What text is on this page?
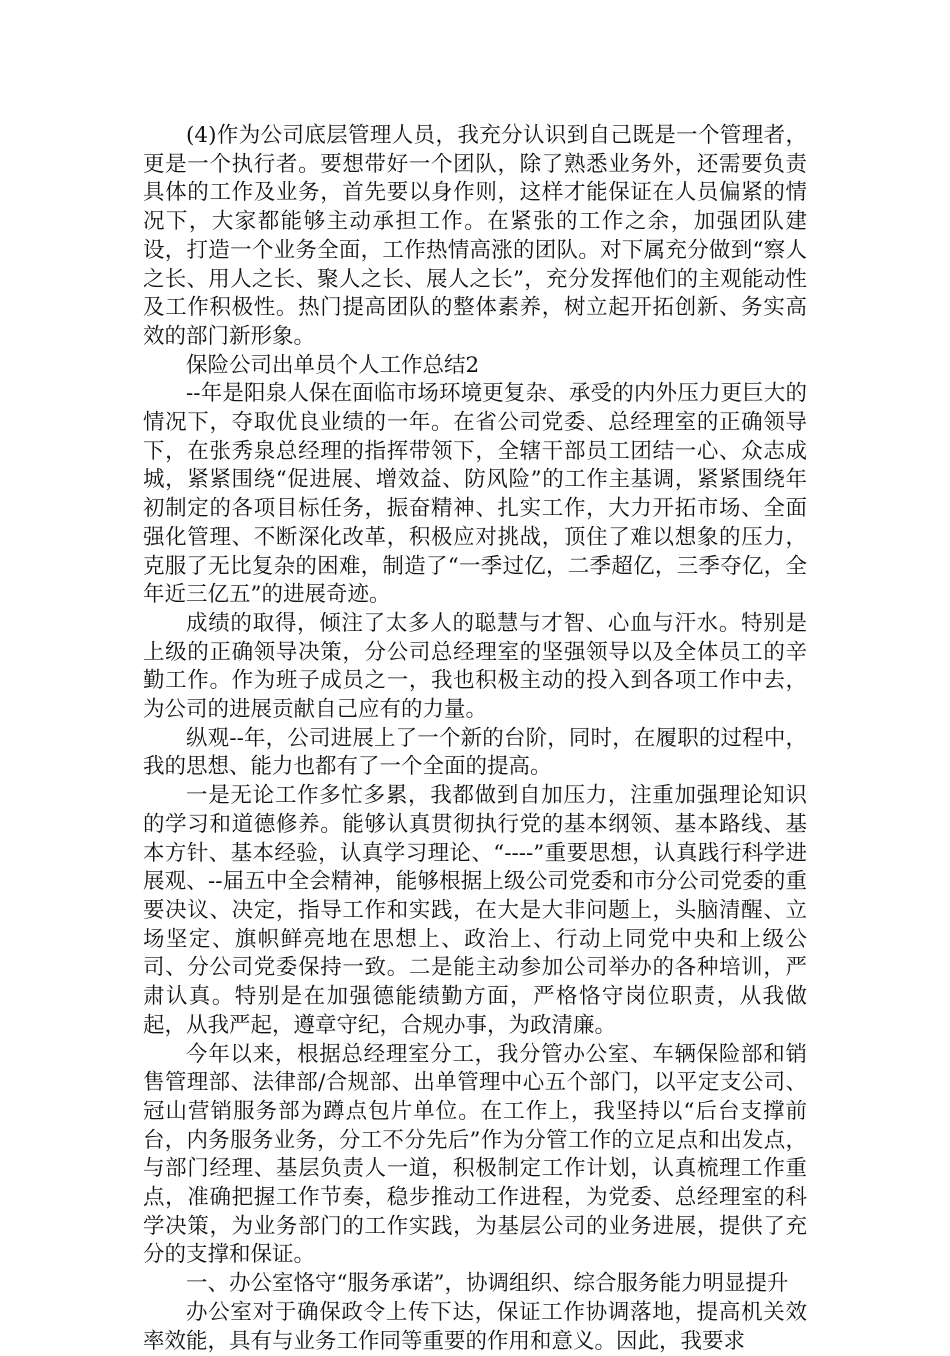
(4)作为公司底层管理人员，我充分认识到自己既是一个管理者，更是一个执行者。要想带好一个团队，除了熟悉业务外，还需要负责具体的工作及业务，首先要以身作则，这样才能保证在人员偏紧的情况下，大家都能够主动承担工作。在紧张的工作之余，加强团队建设，打造一个业务全面，工作热情高涨的团队。对下属充分做到“察人之长、用人之长、聚人之长、展人之长”，充分发挥他们的主观能动性及工作积极性。热门提高团队的整体素养，树立起开拓创新、务实高效的部门新形象。

保险公司出单员个人工作总结2

--年是阳泉人保在面临市场环境更复杂、承受的内外压力更巨大的情况下，夺取优良业绩的一年。在省公司党委、总经理室的正确领导下，在张秀泉总经理的指挥带领下，全辖干部员工团结一心、众志成城，紧紧围绕“促进展、增效益、防风险”的工作主基调，紧紧围绕年初制定的各项目标任务，振奋精神、扎实工作，大力开拓市场、全面强化管理、不断深化改革，积极应对挑战，顶住了难以想象的压力，克服了无比复杂的困难，制造了“一季过亿，二季超亿，三季夺亿，全年近三亿五”的进展奇迹。

成绩的取得，倾注了太多人的聪慧与才智、心血与汗水。特别是上级的正确领导决策，分公司总经理室的坚强领导以及全体员工的辛勤工作。作为班子成员之一，我也积极主动的投入到各项工作中去，为公司的进展贡献自己应有的力量。

纵观--年，公司进展上了一个新的台阶，同时，在履职的过程中，我的思想、能力也都有了一个全面的提高。

一是无论工作多忙多累，我都做到自加压力，注重加强理论知识的学习和道德修养。能够认真贯彻执行党的基本纲领、基本路线、基本方针、基本经验，认真学习理论、“----”重要思想，认真践行科学进展观、--届五中全会精神，能够根据上级公司党委和市分公司党委的重要决议、决定，指导工作和实践，在大是大非问题上，头脑清醒、立场坚定、旗帜鲜亮地在思想上、政治上、行动上同党中央和上级公司、分公司党委保持一致。二是能主动参加公司举办的各种培训，严肃认真。特别是在加强德能绩勤方面，严格恪守岗位职责，从我做起，从我严起，遵章守纪，合规办事，为政清廉。

今年以来，根据总经理室分工，我分管办公室、车辆保险部和销售管理部、法律部/合规部、出单管理中心五个部门，以平定支公司、冠山营销服务部为蹲点包片单位。在工作上，我坚持以“后台支撑前台，内务服务业务，分工不分先后”作为分管工作的立足点和出发点，与部门经理、基层负责人一道，积极制定工作计划，认真梳理工作重点，准确把握工作节奏，稳步推动工作进程，为党委、总经理室的科学决策，为业务部门的工作实践，为基层公司的业务进展，提供了充分的支撑和保证。

一、办公室恪守“服务承诺”，协调组织、综合服务能力明显提升

办公室对于确保政令上传下达，保证工作协调落地，提高机关效率效能，具有与业务工作同等重要的作用和意义。因此，我要求
